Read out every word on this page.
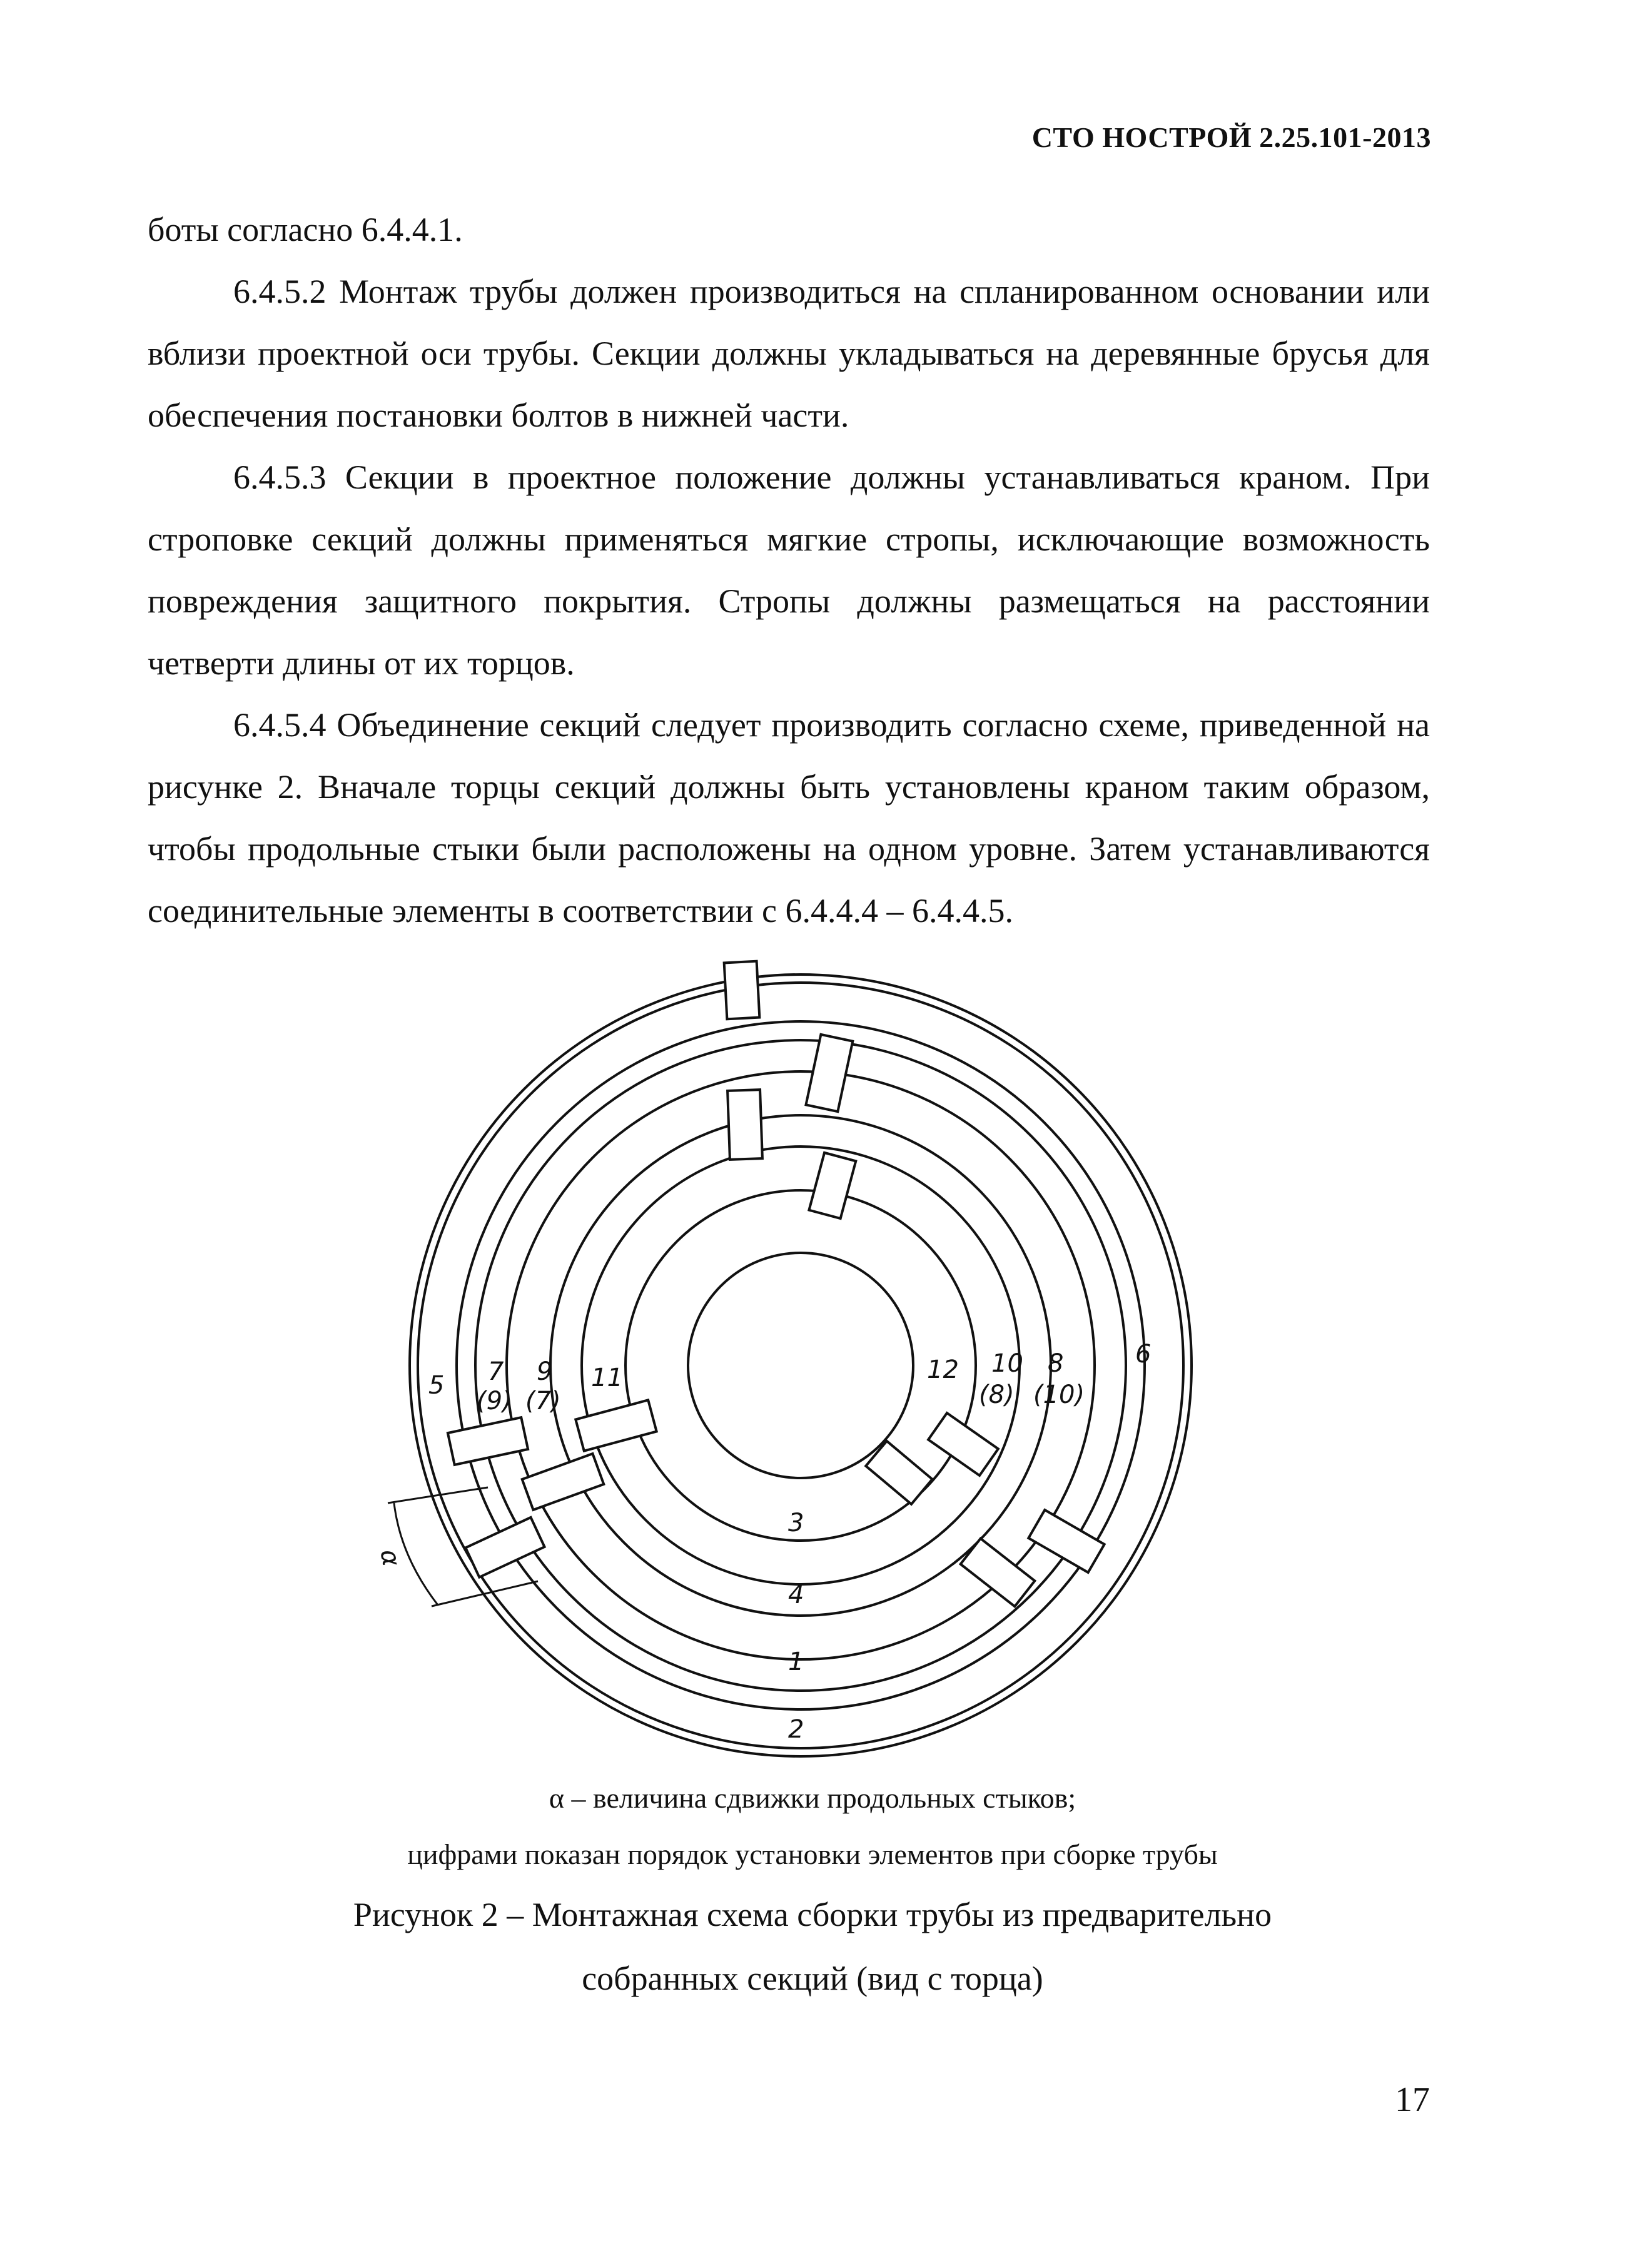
СТО НОСТРОЙ 2.25.101-2013

боты согласно 6.4.4.1.

6.4.5.2 Монтаж трубы должен производиться на спланированном основании или вблизи проектной оси трубы. Секции должны укладываться на деревянные брусья для обеспечения постановки болтов в нижней части.

6.4.5.3 Секции в проектное положение должны устанавливаться краном. При строповке секций должны применяться мягкие стропы, исключающие возможность повреждения защитного покрытия. Стропы должны размещаться на расстоянии четверти длины от их торцов.

6.4.5.4 Объединение секций следует производить согласно схеме, приведенной на рисунке 2. Вначале торцы секций должны быть установлены краном таким образом, чтобы продольные стыки были расположены на одном уровне. Затем устанавливаются соединительные элементы в соответствии с 6.4.4.4 – 6.4.4.5.

α
5 7
(9)
9
(7)
11	12 10
(8)
8
(10)
6
3
4
1
2
α – величина сдвижки продольных стыков;
цифрами показан порядок установки элементов при сборке трубы
Рисунок 2 – Монтажная схема сборки трубы из предварительно
собранных секций (вид с торца)
17
